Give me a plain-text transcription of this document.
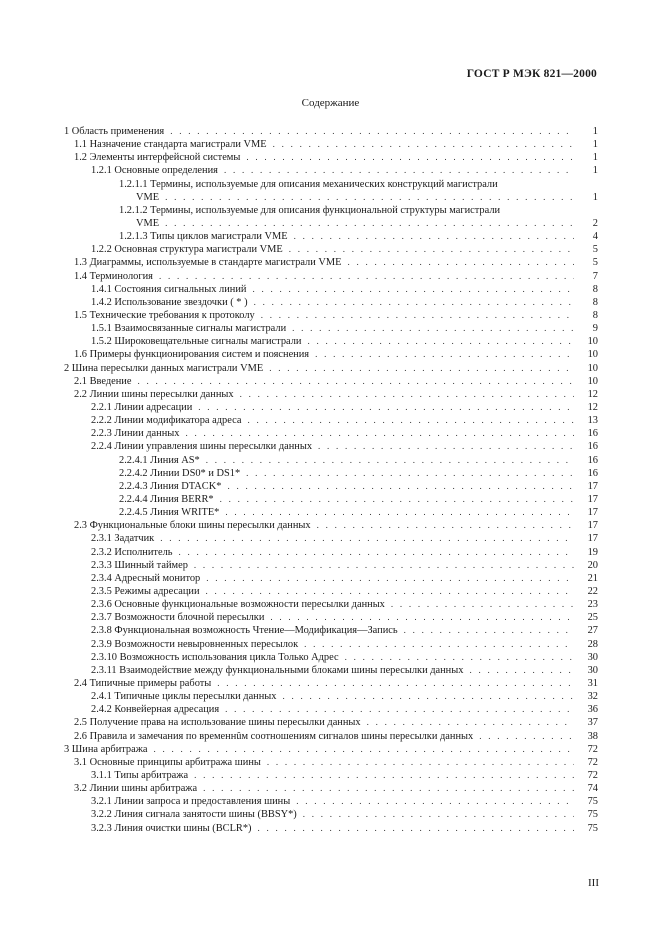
ГОСТ Р МЭК 821—2000
Содержание
1 Область применения . . .	1
1.1 Назначение стандарта магистрали VME . . .	1
1.2 Элементы интерфейсной системы . . .	1
1.2.1 Основные определения . . .	1
1.2.1.1 Термины, используемые для описания механических конструкций магистрали
VME . . .	1
1.2.1.2 Термины, используемые для описания функциональной структуры магистрали
VME . . .	2
1.2.1.3 Типы циклов магистрали VME . . .	4
1.2.2 Основная структура магистрали VME . . .	5
1.3 Диаграммы, используемые в стандарте магистрали VME . . .	5
1.4 Терминология . . .	7
1.4.1 Состояния сигнальных линий . . .	8
1.4.2 Использование звездочки ( * ) . . .	8
1.5 Технические требования к протоколу . . .	8
1.5.1 Взаимосвязанные сигналы магистрали . . .	9
1.5.2 Широковещательные сигналы магистрали . . .	10
1.6 Примеры функционирования систем и пояснения . . .	10
2 Шина пересылки данных магистрали VME . . .	10
2.1 Введение . . .	10
2.2 Линии шины пересылки данных . . .	12
2.2.1 Линии адресации . . .	12
2.2.2 Линии модификатора адреса . . .	13
2.2.3 Линии данных . . .	16
2.2.4 Линии управления шины пересылки данных . . .	16
2.2.4.1 Линия AS* . . .	16
2.2.4.2 Линии DS0* и DS1* . . .	16
2.2.4.3 Линия DTACK* . . .	17
2.2.4.4 Линия BERR* . . .	17
2.2.4.5 Линия WRITE* . . .	17
2.3 Функциональные блоки шины пересылки данных . . .	17
2.3.1 Задатчик . . .	17
2.3.2 Исполнитель . . .	19
2.3.3 Шинный таймер . . .	20
2.3.4 Адресный монитор . . .	21
2.3.5 Режимы адресации . . .	22
2.3.6 Основные функциональные возможности пересылки данных . . .	23
2.3.7 Возможности блочной пересылки . . .	25
2.3.8 Функциональная возможность Чтение—Модификация—Запись . . .	27
2.3.9 Возможности невыровненных пересылок . . .	28
2.3.10 Возможность использования цикла Только Адрес . . .	30
2.3.11 Взаимодействие между функциональными блоками шины пересылки данных . . .	30
2.4 Типичные примеры работы . . .	31
2.4.1 Типичные циклы пересылки данных . . .	32
2.4.2 Конвейерная адресация . . .	36
2.5 Получение права на использование шины пересылки данных . . .	37
2.6 Правила и замечания по временнûм соотношениям сигналов шины пересылки данных . . .	38
3 Шина арбитража . . .	72
3.1 Основные принципы арбитража шины . . .	72
3.1.1 Типы арбитража . . .	72
3.2 Линии шины арбитража . . .	74
3.2.1 Линии запроса и предоставления шины . . .	75
3.2.2 Линия сигнала занятости шины (BBSY*) . . .	75
3.2.3 Линия очистки шины (BCLR*) . . .	75
III
